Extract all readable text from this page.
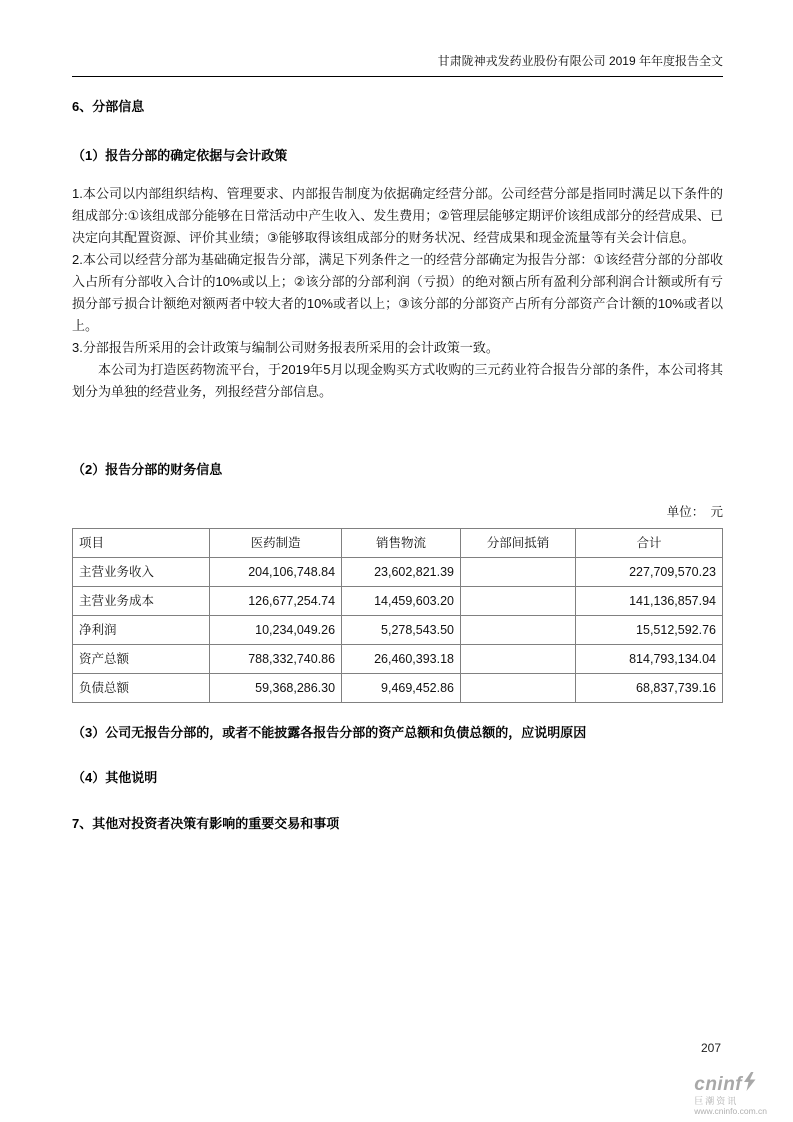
甘肃陇神戎发药业股份有限公司 2019 年年度报告全文
6、分部信息
（1）报告分部的确定依据与会计政策

1.本公司以内部组织结构、管理要求、内部报告制度为依据确定经营分部。公司经营分部是指同时满足以下条件的组成部分:①该组成部分能够在日常活动中产生收入、发生费用；②管理层能够定期评价该组成部分的经营成果、已决定向其配置资源、评价其业绩；③能够取得该组成部分的财务状况、经营成果和现金流量等有关会计信息。

2.本公司以经营分部为基础确定报告分部，满足下列条件之一的经营分部确定为报告分部：①该经营分部的分部收入占所有分部收入合计的10%或以上；②该分部的分部利润（亏损）的绝对额占所有盈利分部利润合计额或所有亏损分部亏损合计额绝对额两者中较大者的10%或者以上；③该分部的分部资产占所有分部资产合计额的10%或者以上。

3.分部报告所采用的会计政策与编制公司财务报表所采用的会计政策一致。

本公司为打造医药物流平台，于2019年5月以现金购买方式收购的三元药业符合报告分部的条件，本公司将其划分为单独的经营业务，列报经营分部信息。

（2）报告分部的财务信息
单位：　元
项目	医药制造	销售物流	分部间抵销	合计
主营业务收入	204,106,748.84	23,602,821.39		227,709,570.23
主营业务成本	126,677,254.74	14,459,603.20		141,136,857.94
净利润	10,234,049.26	5,278,543.50		15,512,592.76
资产总额	788,332,740.86	26,460,393.18		814,793,134.04
负债总额	59,368,286.30	9,469,452.86		68,837,739.16
（3）公司无报告分部的，或者不能披露各报告分部的资产总额和负债总额的，应说明原因
（4）其他说明
7、其他对投资者决策有影响的重要交易和事项
207
cninf
巨潮资讯
www.cninfo.com.cn
